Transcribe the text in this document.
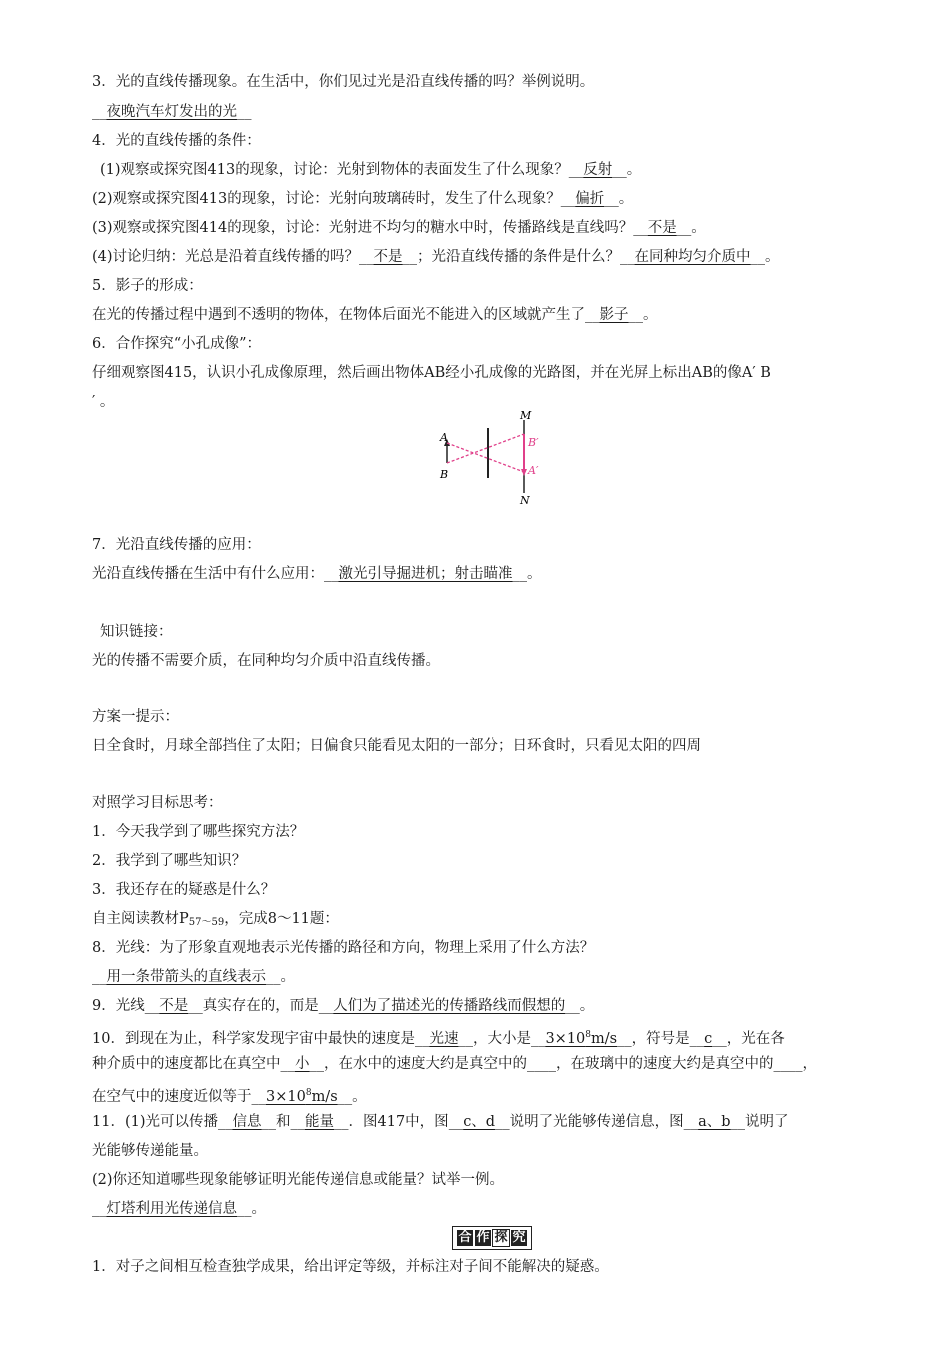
3．光的直线传播现象。在生活中，你们见过光是沿直线传播的吗？举例说明。
__夜晚汽车灯发出的光__
4．光的直线传播的条件：
(1)观察或探究图413的现象，讨论：光射到物体的表面发生了什么现象？__反射__。
(2)观察或探究图413的现象，讨论：光射向玻璃砖时，发生了什么现象？__偏折__。
(3)观察或探究图414的现象，讨论：光射进不均匀的糖水中时，传播路线是直线吗？__不是__。
(4)讨论归纳：光总是沿着直线传播的吗？__不是__；光沿直线传播的条件是什么？__在同种均匀介质中__。
5．影子的形成：
在光的传播过程中遇到不透明的物体，在物体后面光不能进入的区域就产生了__影子__。
6．合作探究“小孔成像”：
仔细观察图415，认识小孔成像原理，然后画出物体AB经小孔成像的光路图，并在光屏上标出AB的像A′ B
′ 。
A
B
M
N
B′
A′
7．光沿直线传播的应用：
光沿直线传播在生活中有什么应用：__激光引导掘进机；射击瞄准__。
知识链接：
光的传播不需要介质，在同种均匀介质中沿直线传播。
方案一提示：
日全食时，月球全部挡住了太阳；日偏食只能看见太阳的一部分；日环食时，只看见太阳的四周
对照学习目标思考：
1．今天我学到了哪些探究方法？
2．我学到了哪些知识？
3．我还存在的疑惑是什么？
自主阅读教材$P_{57\sim 59}$，完成8～11题：
8．光线：为了形象直观地表示光传播的路径和方向，物理上采用了什么方法？
__用一条带箭头的直线表示__。
9．光线__不是__真实存在的，而是__人们为了描述光的传播路线而假想的__。
10．到现在为止，科学家发现宇宙中最快的速度是__光速__，大小是$\_\_3\times 10^8m/s\_\_$，符号是__c__，光在各
种介质中的速度都比在真空中__小__，在水中的速度大约是真空中的____，在玻璃中的速度大约是真空中的____，
在空气中的速度近似等于$\_\_3\times 10^8m/s\_\_$。
11．(1)光可以传播__信息__和__能量__．图417中，图__c、d__说明了光能够传递信息，图__a、b__说明了
光能够传递能量。
(2)你还知道哪些现象能够证明光能传递信息或能量？试举一例。
__灯塔利用光传递信息__。
合 作 探 究
1．对子之间相互检查独学成果，给出评定等级，并标注对子间不能解决的疑惑。
